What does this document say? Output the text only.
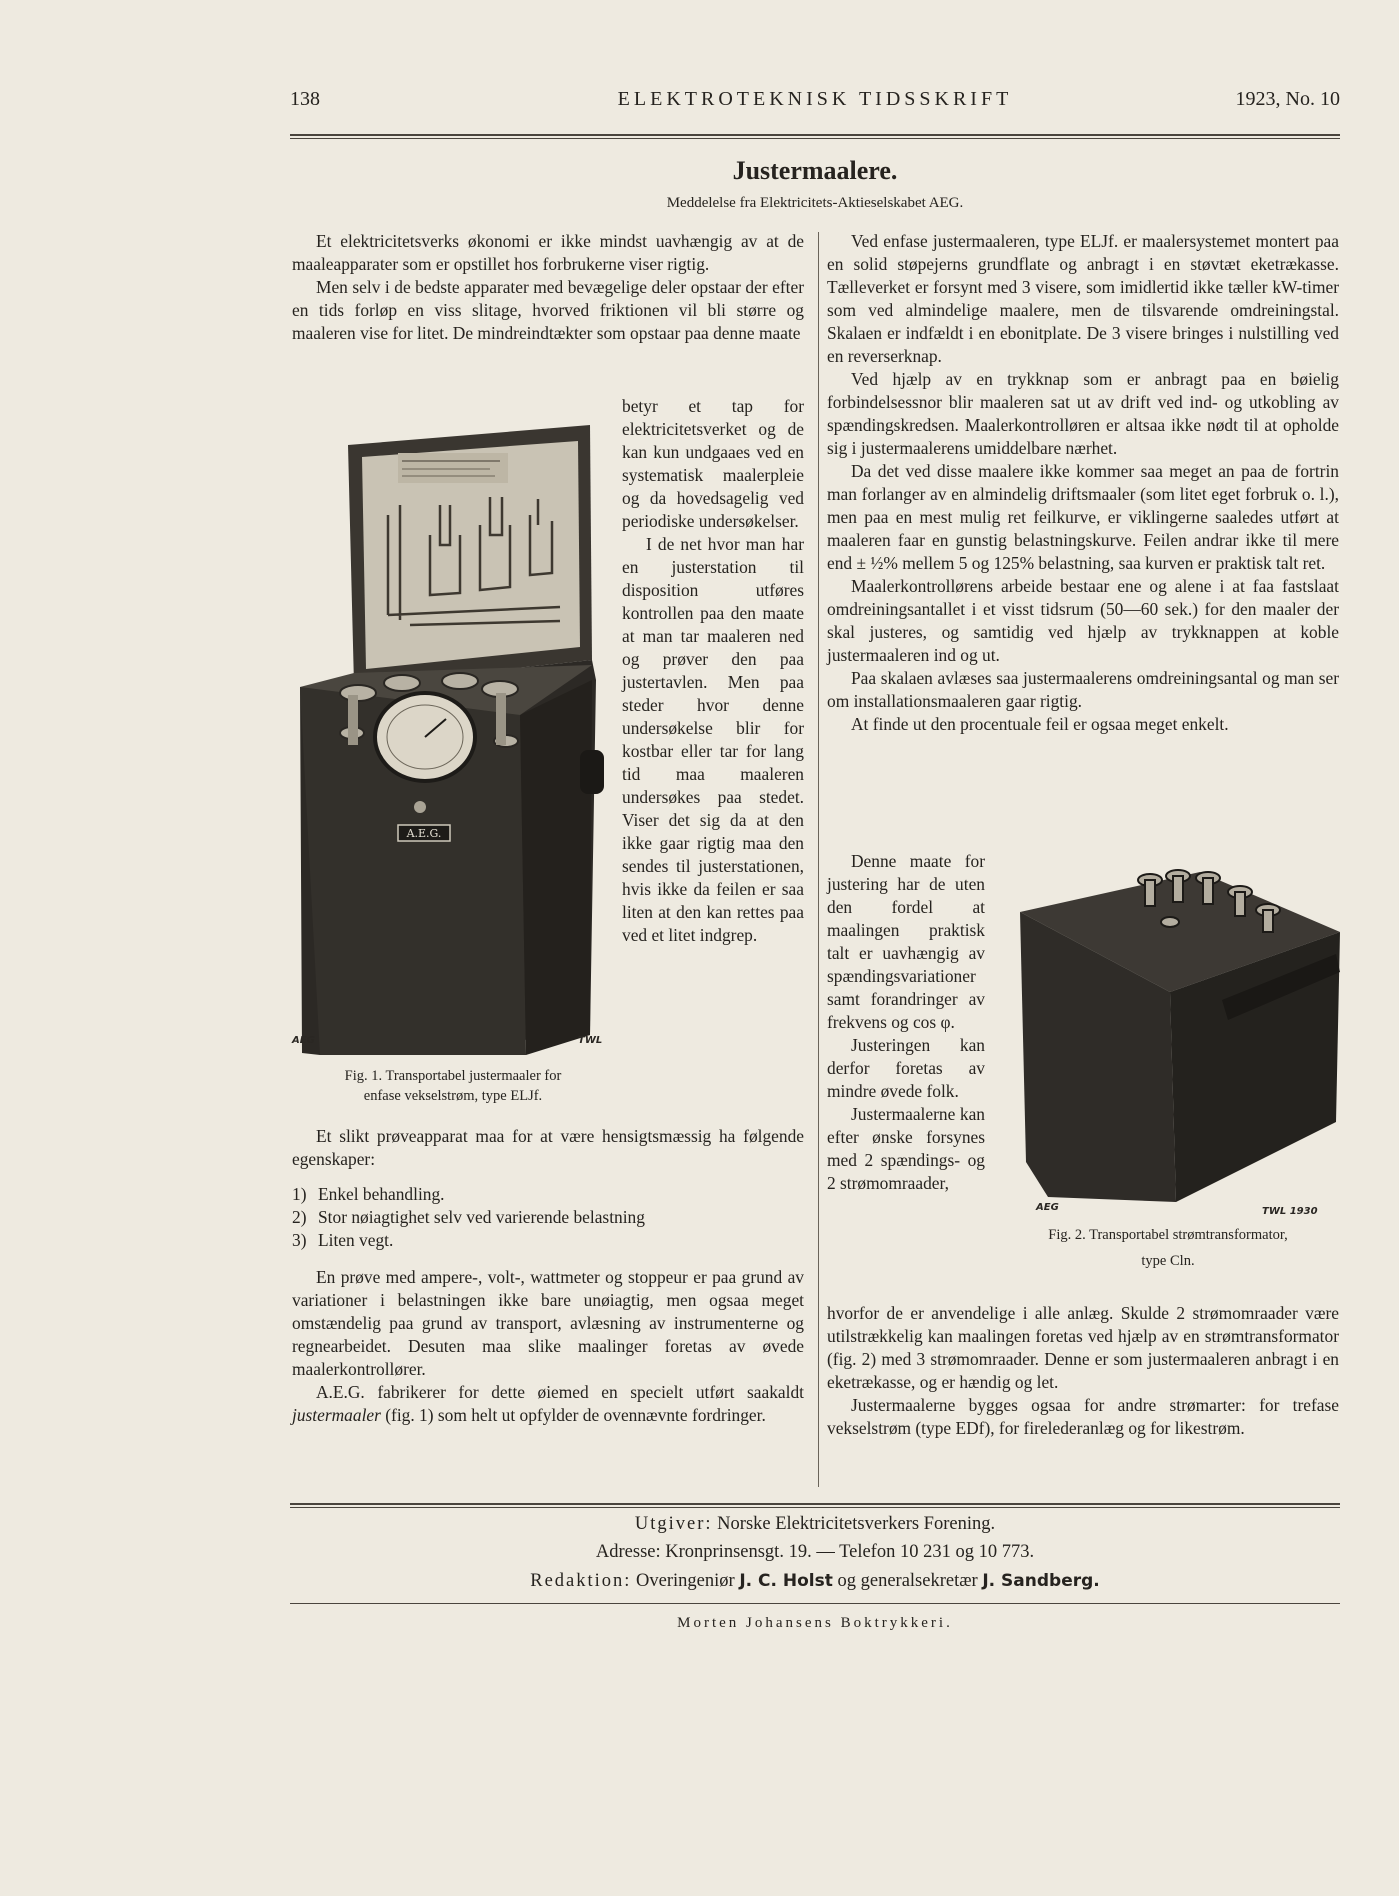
138	ELEKTROTEKNISK TIDSSKRIFT	1923, No. 10
Justermaalere.
Meddelelse fra Elektricitets-Aktieselskabet AEG.

Et elektricitetsverks økonomi er ikke mindst uavhængig av at de maaleapparater som er opstillet hos forbrukerne viser rigtig.

Men selv i de bedste apparater med bevægelige deler opstaar der efter en tids forløp en viss slitage, hvorved friktionen vil bli større og maaleren vise for litet. De mindreindtækter som opstaar paa denne maate

A.E.G.
AEG	TWL
Fig. 1. Transportabel justermaaler for
enfase vekselstrøm, type ELJf.

betyr et tap for elektricitetsverket og de kan kun undgaaes ved en systematisk maalerpleie og da hovedsagelig ved periodiske undersøkelser.

I de net hvor man har en justerstation til disposition utføres kontrollen paa den maate at man tar maaleren ned og prøver den paa justertavlen. Men paa steder hvor denne undersøkelse blir for kostbar eller tar for lang tid maa maaleren undersøkes paa stedet. Viser det sig da at den ikke gaar rigtig maa den sendes til justerstationen, hvis ikke da feilen er saa liten at den kan rettes paa ved et litet indgrep.

Et slikt prøveapparat maa for at være hensigtsmæssig ha følgende egenskaper:

1) Enkel behandling.

2) Stor nøiagtighet selv ved varierende belastning

3) Liten vegt.

En prøve med ampere-, volt-, wattmeter og stoppeur er paa grund av variationer i belastningen ikke bare unøiagtig, men ogsaa meget omstændelig paa grund av transport, avlæsning av instrumenterne og regnearbeidet. Desuten maa slike maalinger foretas av øvede maalerkontrollører.

A.E.G. fabrikerer for dette øiemed en specielt utført saakaldt justermaaler (fig. 1) som helt ut opfylder de ovennævnte fordringer.

Ved enfase justermaaleren, type ELJf. er maalersystemet montert paa en solid støpejerns grundflate og anbragt i en støvtæt eketrækasse. Tælleverket er forsynt med 3 visere, som imidlertid ikke tæller kW-timer som ved almindelige maalere, men de tilsvarende omdreiningstal. Skalaen er indfældt i en ebonitplate. De 3 visere bringes i nulstilling ved en reverserknap.

Ved hjælp av en trykknap som er anbragt paa en bøielig forbindelsessnor blir maaleren sat ut av drift ved ind- og utkobling av spændingskredsen. Maalerkontrolløren er altsaa ikke nødt til at opholde sig i justermaalerens umiddelbare nærhet.

Da det ved disse maalere ikke kommer saa meget an paa de fortrin man forlanger av en almindelig driftsmaaler (som litet eget forbruk o. l.), men paa en mest mulig ret feilkurve, er viklingerne saaledes utført at maaleren faar en gunstig belastningskurve. Feilen andrar ikke til mere end ± ½% mellem 5 og 125% belastning, saa kurven er praktisk talt ret.

Maalerkontrollørens arbeide bestaar ene og alene i at faa fastslaat omdreiningsantallet i et visst tidsrum (50—60 sek.) for den maaler der skal justeres, og samtidig ved hjælp av trykknappen at koble justermaaleren ind og ut.

Paa skalaen avlæses saa justermaalerens omdreiningsantal og man ser om installationsmaaleren gaar rigtig.

At finde ut den procentuale feil er ogsaa meget enkelt.

Denne maate for justering har de uten den fordel at maalingen praktisk talt er uavhængig av spændingsvariationer samt forandringer av frekvens og cos φ.

Justeringen kan derfor foretas av mindre øvede folk.

Justermaalerne kan efter ønske forsynes med 2 spændings- og 2 strømomraader,

AEG	TWL 1930
Fig. 2. Transportabel strømtransformator,
type Cln.

hvorfor de er anvendelige i alle anlæg. Skulde 2 strømomraader være utilstrækkelig kan maalingen foretas ved hjælp av en strømtransformator (fig. 2) med 3 strømomraader. Denne er som justermaaleren anbragt i en eketrækasse, og er hændig og let.

Justermaalerne bygges ogsaa for andre strømarter: for trefase vekselstrøm (type EDf), for firelederanlæg og for likestrøm.

Utgiver: Norske Elektricitetsverkers Forening.
Adresse: Kronprinsensgt. 19. — Telefon 10 231 og 10 773.
Redaktion: Overingeniør J. C. Holst og generalsekretær J. Sandberg.
Morten Johansens Boktrykkeri.
